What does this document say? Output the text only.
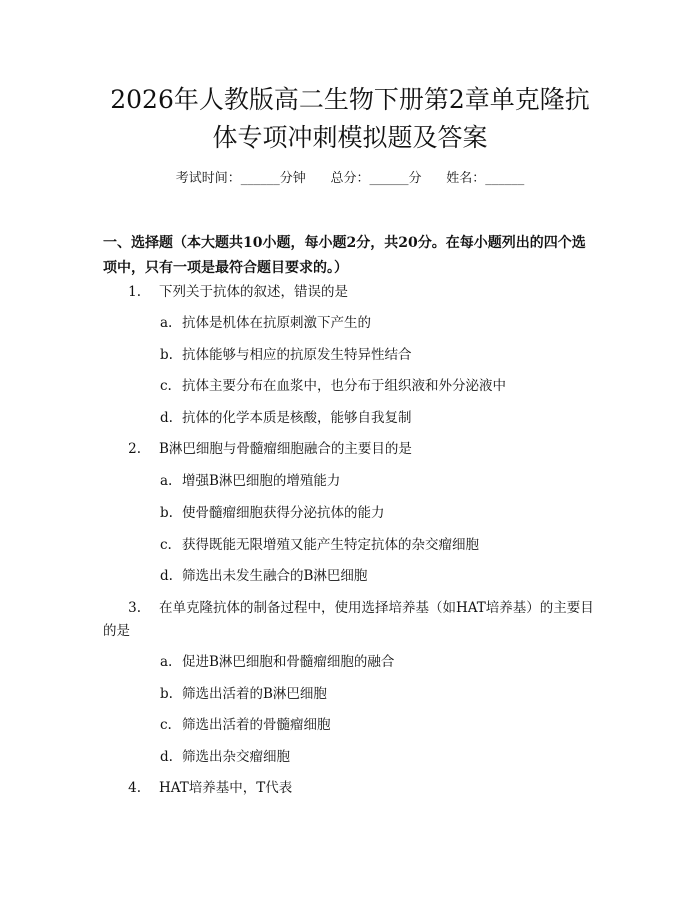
2026年人教版高二生物下册第2章单克隆抗
体专项冲刺模拟题及答案
考试时间：______分钟      总分：______分      姓名：______

一、选择题（本大题共10小题，每小题2分，共20分。在每小题列出的四个选

项中，只有一项是最符合题目要求的。）

1. 下列关于抗体的叙述，错误的是

a. 抗体是机体在抗原刺激下产生的

b. 抗体能够与相应的抗原发生特异性结合

c. 抗体主要分布在血浆中，也分布于组织液和外分泌液中

d. 抗体的化学本质是核酸，能够自我复制

2. B淋巴细胞与骨髓瘤细胞融合的主要目的是

a. 增强B淋巴细胞的增殖能力

b. 使骨髓瘤细胞获得分泌抗体的能力

c. 获得既能无限增殖又能产生特定抗体的杂交瘤细胞

d. 筛选出未发生融合的B淋巴细胞

3. 在单克隆抗体的制备过程中，使用选择培养基（如HAT培养基）的主要目

的是

a. 促进B淋巴细胞和骨髓瘤细胞的融合

b. 筛选出活着的B淋巴细胞

c. 筛选出活着的骨髓瘤细胞

d. 筛选出杂交瘤细胞

4. HAT培养基中，T代表
